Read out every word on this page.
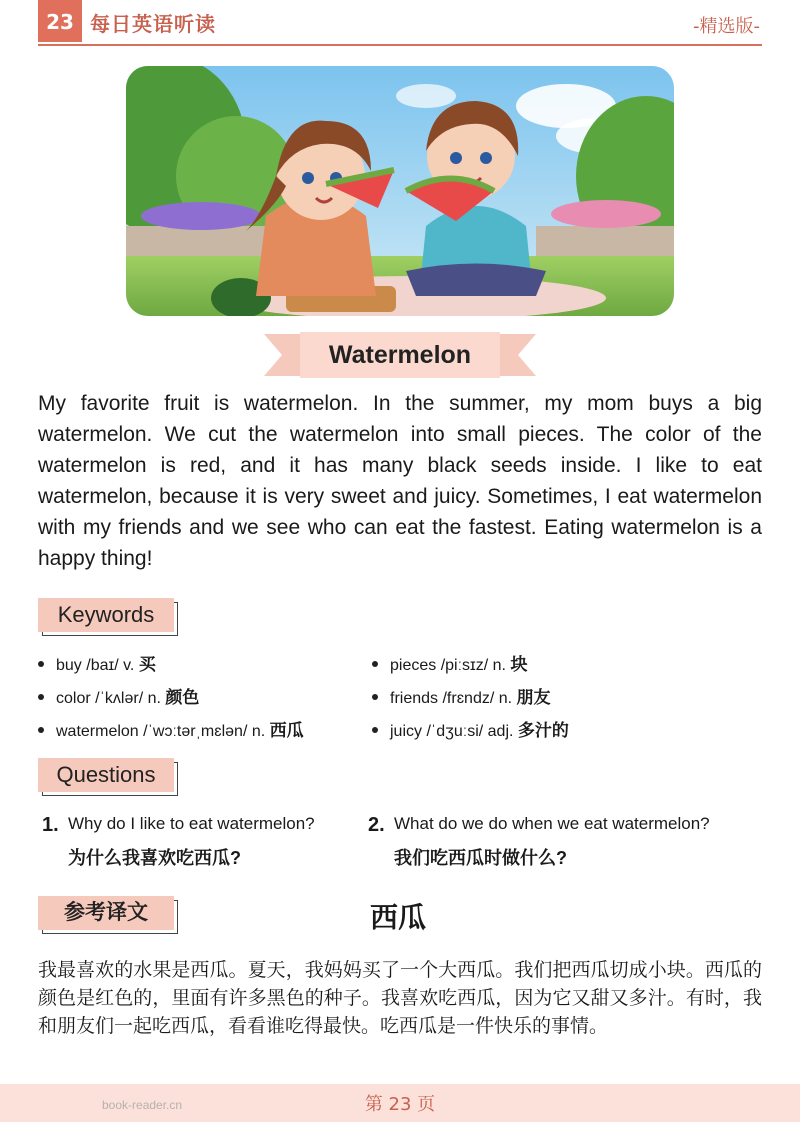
23 每日英语听读	-精选版-
Watermelon
My favorite fruit is watermelon. In the summer, my mom buys a big watermelon. We cut the watermelon into small pieces. The color of the watermelon is red, and it has many black seeds inside. I like to eat watermelon, because it is very sweet and juicy. Sometimes, I eat watermelon with my friends and we see who can eat the fastest. Eating watermelon is a happy thing!
Keywords
buy /baɪ/ v. 买
color /ˈkʌlər/ n. 颜色
watermelon /ˈwɔːtərˌmɛlən/ n. 西瓜
pieces /piːsɪz/ n. 块
friends /frɛndz/ n. 朋友
juicy /ˈdʒuːsi/ adj. 多汁的
Questions
1. Why do I like to eat watermelon?
为什么我喜欢吃西瓜?
2. What do we do when we eat watermelon?
我们吃西瓜时做什么?
参考译文	西瓜
我最喜欢的水果是西瓜。夏天，我妈妈买了一个大西瓜。我们把西瓜切成小块。西瓜的颜色是红色的，里面有许多黑色的种子。我喜欢吃西瓜，因为它又甜又多汁。有时，我和朋友们一起吃西瓜，看看谁吃得最快。吃西瓜是一件快乐的事情。
book-reader.cn	第 23 页
